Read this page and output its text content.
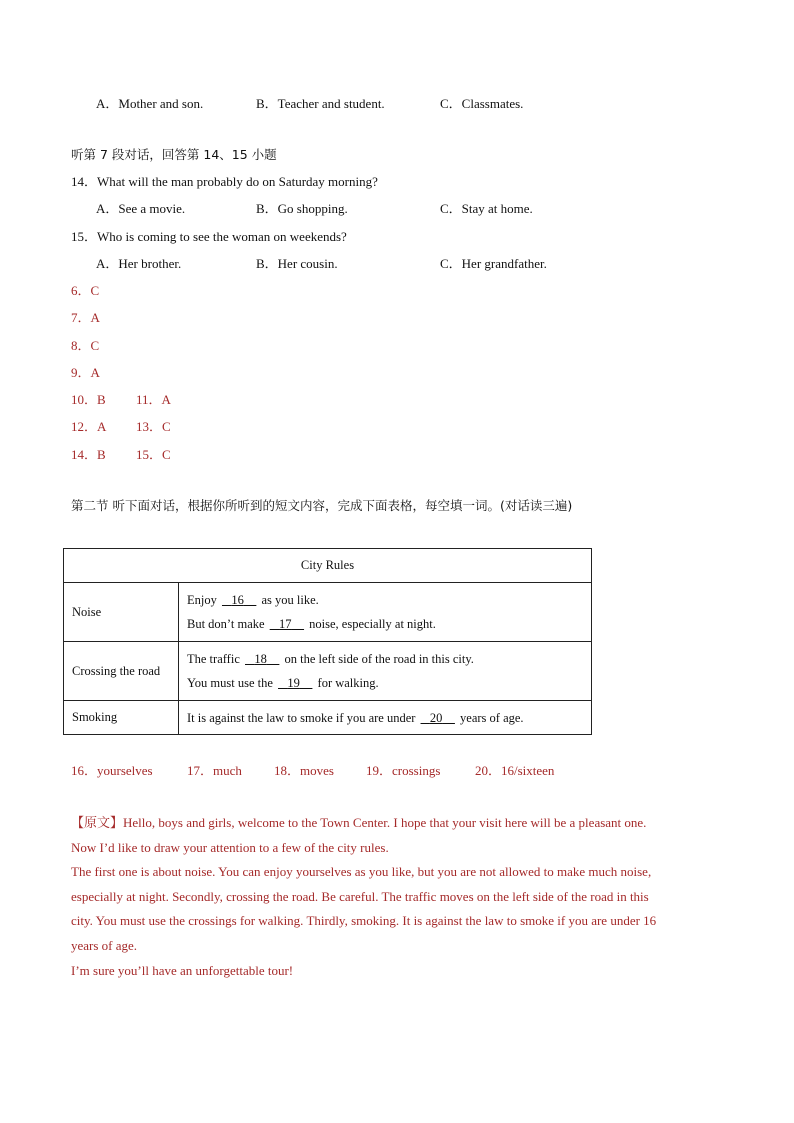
A．Mother and son.	B．Teacher and student.	C．Classmates.
听第 7 段对话，回答第 14、15 小题
14．What will the man probably do on Saturday morning?
A．See a movie.	B．Go shopping.	C．Stay at home.
15．Who is coming to see the woman on weekends?
A．Her brother.	B．Her cousin.	C．Her grandfather.
6．C
7．A
8．C
9．A
10．B 11．A
12．A 13．C
14．B 15．C
第二节 听下面对话，根据你所听到的短文内容，完成下面表格，每空填一词。(对话读三遍)
City Rules	
Noise	Enjoy    16     as you like.
But don’t make    17     noise, especially at night.

Crossing the road	The traffic    18     on the left side of the road in this city.
You must use the    19     for walking.

Smoking	It is against the law to smoke if you are under    20     years of age.
16．yourselves	17．much 18．moves 19．crossings	20．16/sixteen
【原文】Hello, boys and girls, welcome to the Town Center. I hope that your visit here will be a pleasant one.
Now I’d like to draw your attention to a few of the city rules.
The first one is about noise. You can enjoy yourselves as you like, but you are not allowed to make much noise,
especially at night. Secondly, crossing the road. Be careful. The traffic moves on the left side of the road in this
city. You must use the crossings for walking. Thirdly, smoking. It is against the law to smoke if you are under 16
years of age.
I’m sure you’ll have an unforgettable tour!
